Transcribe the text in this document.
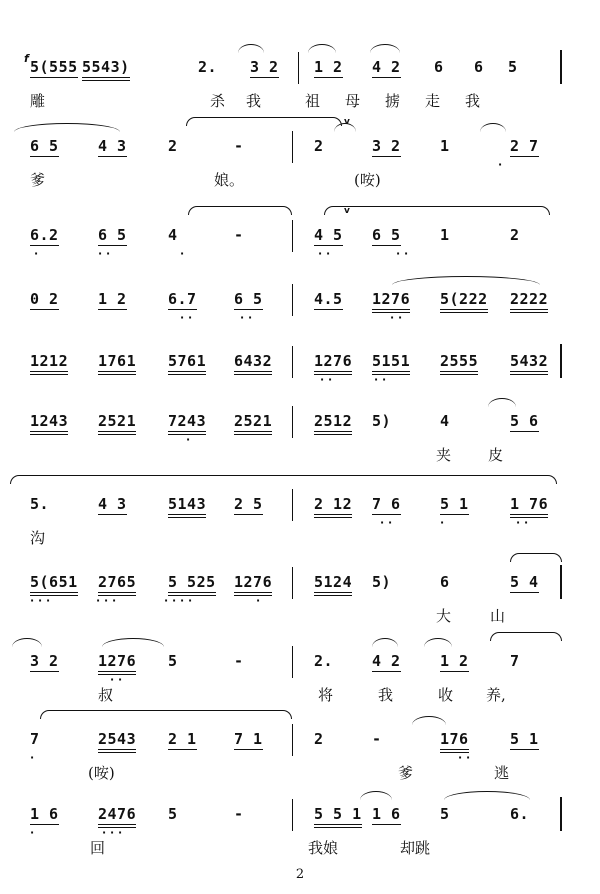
5(555 5543)	2. 3 2 1 2 4 2 6 6 5
f
雕	杀 我	祖 母 掳 走 我
6 5	4 3	2	-	2	3 2	1	2 7
·
v
爹	娘。	(咹)
6.2	6 5	4	-	4 5 6 5	1	2
·	· ·	·	· ·	· ·
v
0 2	1 2	6.7 6 5	4.5 1276 5(222 2222
· ·	· ·	· ·
1212 1761 5761 6432	1276 5151 2555 5432
· ·	· ·
1243 2521 7243 2521	2512 5)	4	5 6
·
夹 皮
5.	4 3	5143 2 5	2 12 7 6	5 1	1 76
· ·	·	· ·
沟
5(651 2765 5 525 1276	5124 5)	6	5 4
· · ·	· · ·	· · · ·	·
大	山
3 2	1276 5	-	2.	4 2	1 2	7
· ·
叔	将	我	收 养,
7	2543 2 1 7 1	2	-	176	5 1
·	· ·
(咹)	爹	逃
1 6	2476 5	-	5 5 1 1 6	5	6.
·	· · ·
回	我娘	却跳
2
